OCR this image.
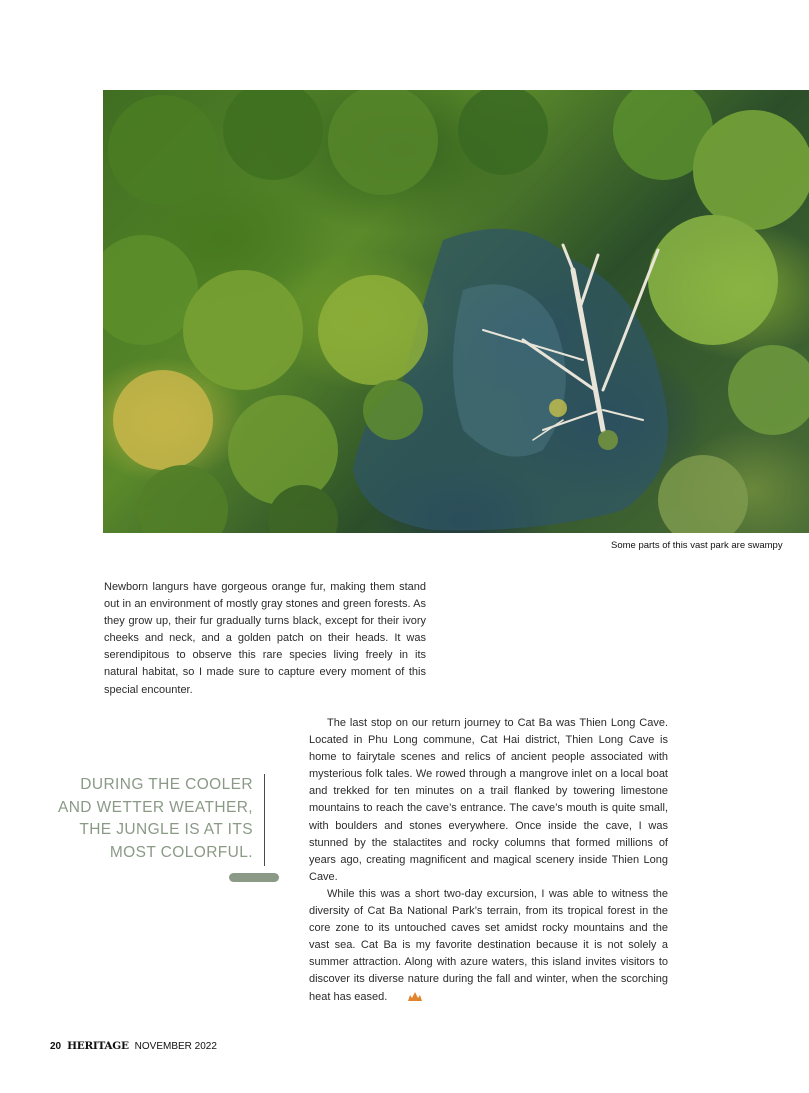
Some parts of this vast park are swampy

Newborn langurs have gorgeous orange fur, making them stand out in an environment of mostly gray stones and green forests. As they grow up, their fur gradually turns black, except for their ivory cheeks and neck, and a golden patch on their heads. It was serendipitous to observe this rare species living freely in its natural habitat, so I made sure to capture every moment of this special encounter.

DURING THE COOLER AND WETTER WEATHER, THE JUNGLE IS AT ITS MOST COLORFUL.

The last stop on our return journey to Cat Ba was Thien Long Cave. Located in Phu Long commune, Cat Hai district, Thien Long Cave is home to fairytale scenes and relics of ancient people associated with mysterious folk tales. We rowed through a mangrove inlet on a local boat and trekked for ten minutes on a trail flanked by towering limestone mountains to reach the cave’s entrance. The cave’s mouth is quite small, with boulders and stones everywhere. Once inside the cave, I was stunned by the stalactites and rocky columns that formed millions of years ago, creating magnificent and magical scenery inside Thien Long Cave.

While this was a short two-day excursion, I was able to witness the diversity of Cat Ba National Park’s terrain, from its tropical forest in the core zone to its untouched caves set amidst rocky mountains and the vast sea. Cat Ba is my favorite destination because it is not solely a summer attraction. Along with azure waters, this island invites visitors to discover its diverse nature during the fall and winter, when the scorching heat has eased.

20 HERITAGE NOVEMBER 2022
